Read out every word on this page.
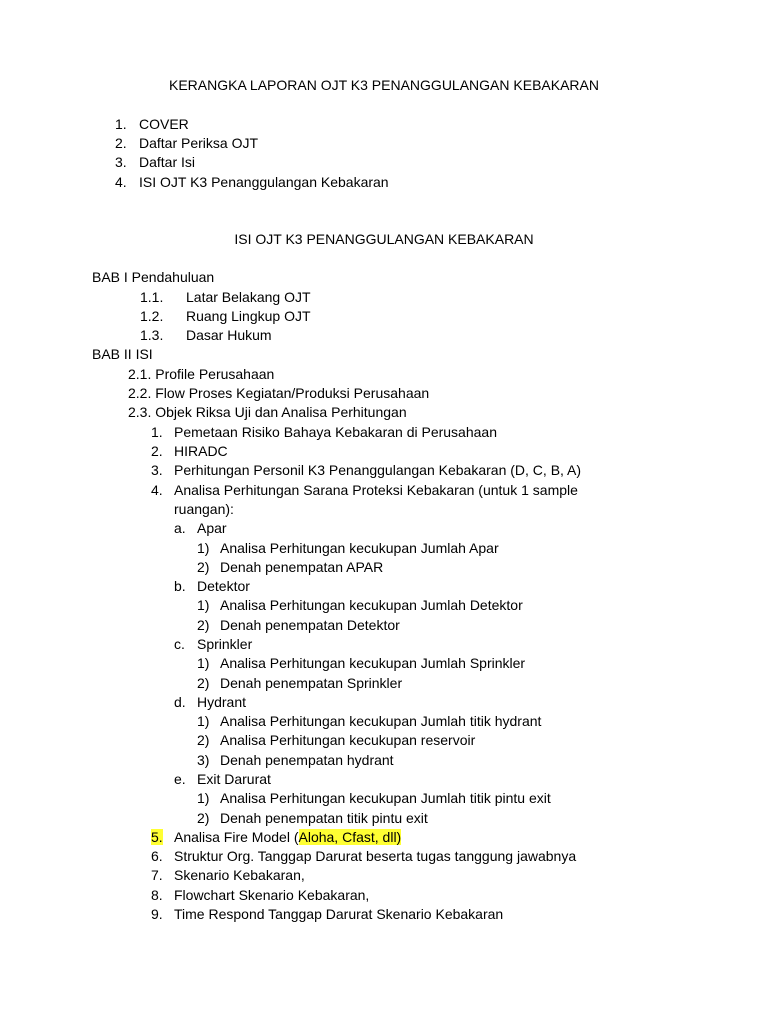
KERANGKA LAPORAN OJT K3 PENANGGULANGAN KEBAKARAN
1. COVER
2. Daftar Periksa OJT
3. Daftar Isi
4. ISI OJT K3 Penanggulangan Kebakaran
ISI OJT K3 PENANGGULANGAN KEBAKARAN
BAB I Pendahuluan
1.1. Latar Belakang OJT
1.2. Ruang Lingkup OJT
1.3. Dasar Hukum
BAB II ISI
2.1. Profile Perusahaan
2.2. Flow Proses Kegiatan/Produksi Perusahaan
2.3. Objek Riksa Uji dan Analisa Perhitungan
1. Pemetaan Risiko Bahaya Kebakaran di Perusahaan
2. HIRADC
3. Perhitungan Personil K3 Penanggulangan Kebakaran (D, C, B, A)
4. Analisa Perhitungan Sarana Proteksi Kebakaran (untuk 1 sample
ruangan):
a. Apar
1) Analisa Perhitungan kecukupan Jumlah Apar
2) Denah penempatan APAR
b. Detektor
1) Analisa Perhitungan kecukupan Jumlah Detektor
2) Denah penempatan Detektor
c. Sprinkler
1) Analisa Perhitungan kecukupan Jumlah Sprinkler
2) Denah penempatan Sprinkler
d. Hydrant
1) Analisa Perhitungan kecukupan Jumlah titik hydrant
2) Analisa Perhitungan kecukupan reservoir
3) Denah penempatan hydrant
e. Exit Darurat
1) Analisa Perhitungan kecukupan Jumlah titik pintu exit
2) Denah penempatan titik pintu exit
5. Analisa Fire Model (Aloha, Cfast, dll)
6. Struktur Org. Tanggap Darurat beserta tugas tanggung jawabnya
7. Skenario Kebakaran,
8. Flowchart Skenario Kebakaran,
9. Time Respond Tanggap Darurat Skenario Kebakaran
